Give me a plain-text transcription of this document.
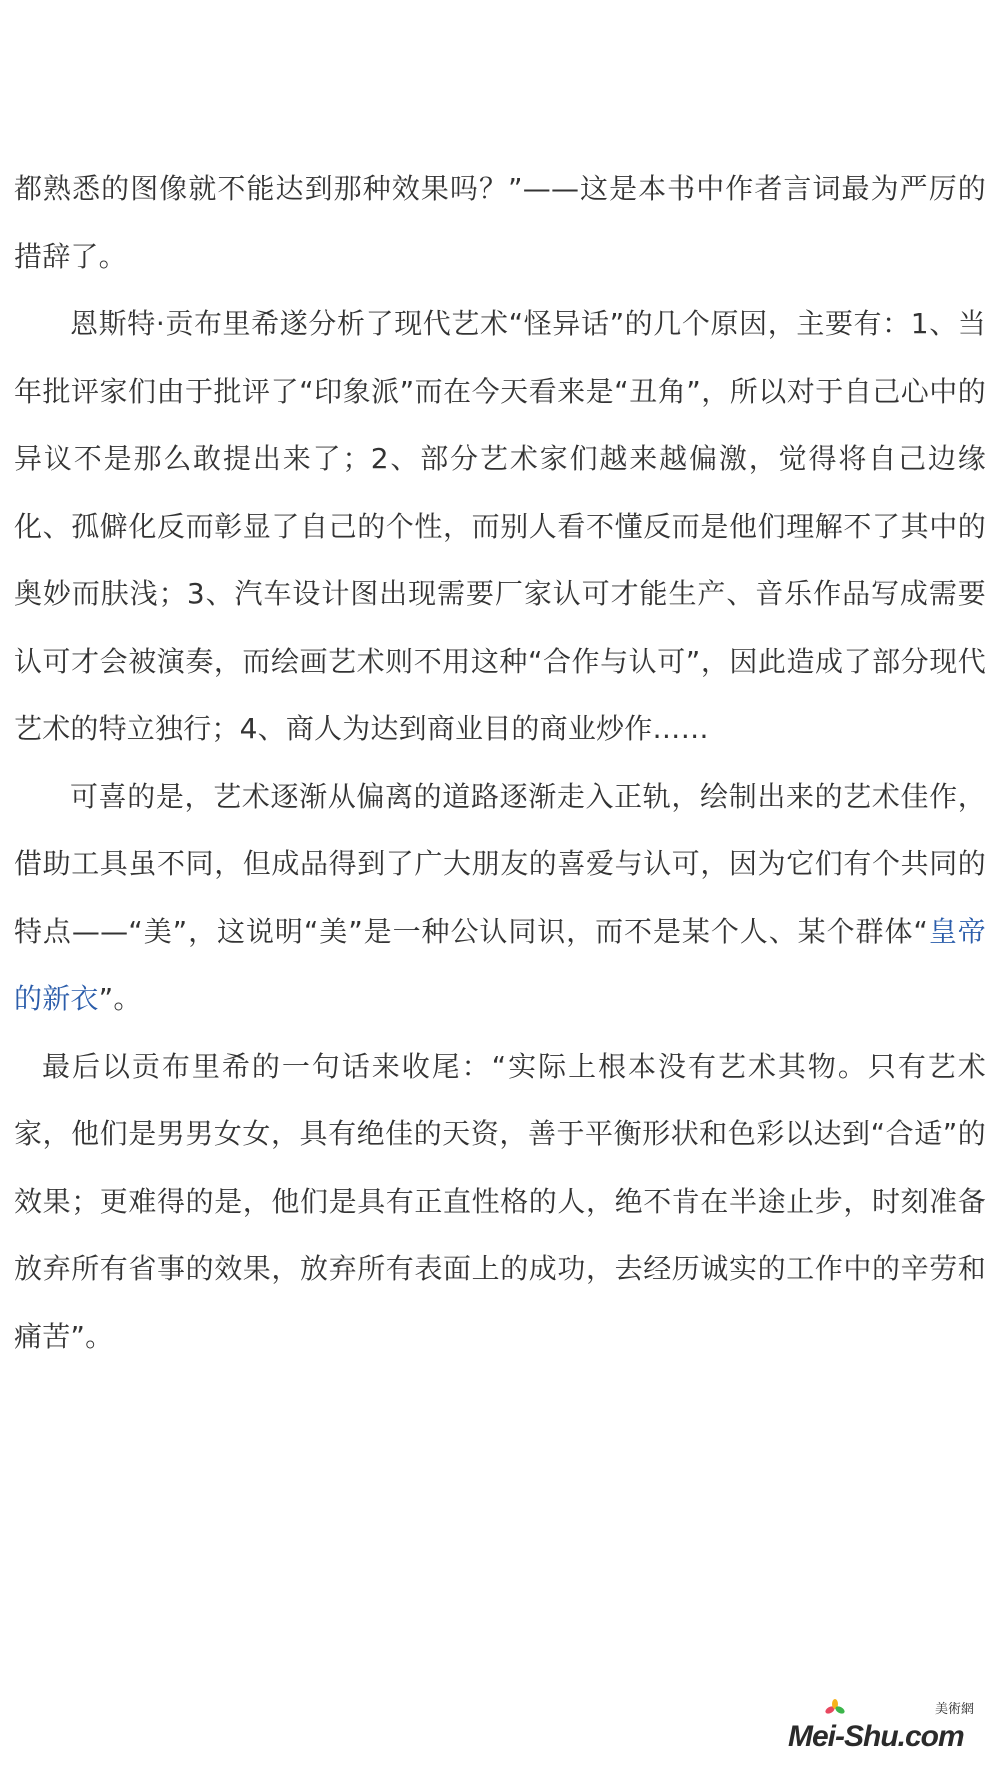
都熟悉的图像就不能达到那种效果吗？”——这是本书中作者言词最为严厉的措辞了。

恩斯特·贡布里希遂分析了现代艺术“怪异话”的几个原因，主要有：1、当年批评家们由于批评了“印象派”而在今天看来是“丑角”，所以对于自己心中的异议不是那么敢提出来了；2、部分艺术家们越来越偏激，觉得将自己边缘化、孤僻化反而彰显了自己的个性，而别人看不懂反而是他们理解不了其中的奥妙而肤浅；3、汽车设计图出现需要厂家认可才能生产、音乐作品写成需要认可才会被演奏，而绘画艺术则不用这种“合作与认可”，因此造成了部分现代艺术的特立独行；4、商人为达到商业目的商业炒作……

可喜的是，艺术逐渐从偏离的道路逐渐走入正轨，绘制出来的艺术佳作，借助工具虽不同，但成品得到了广大朋友的喜爱与认可，因为它们有个共同的特点——“美”，这说明“美”是一种公认同识，而不是某个人、某个群体“皇帝的新衣”。

最后以贡布里希的一句话来收尾：“实际上根本没有艺术其物。只有艺术家，他们是男男女女，具有绝佳的天资，善于平衡形状和色彩以达到“合适”的效果；更难得的是，他们是具有正直性格的人，绝不肯在半途止步，时刻准备放弃所有省事的效果，放弃所有表面上的成功，去经历诚实的工作中的辛劳和痛苦”。

美術網
Mei-Shu.com
